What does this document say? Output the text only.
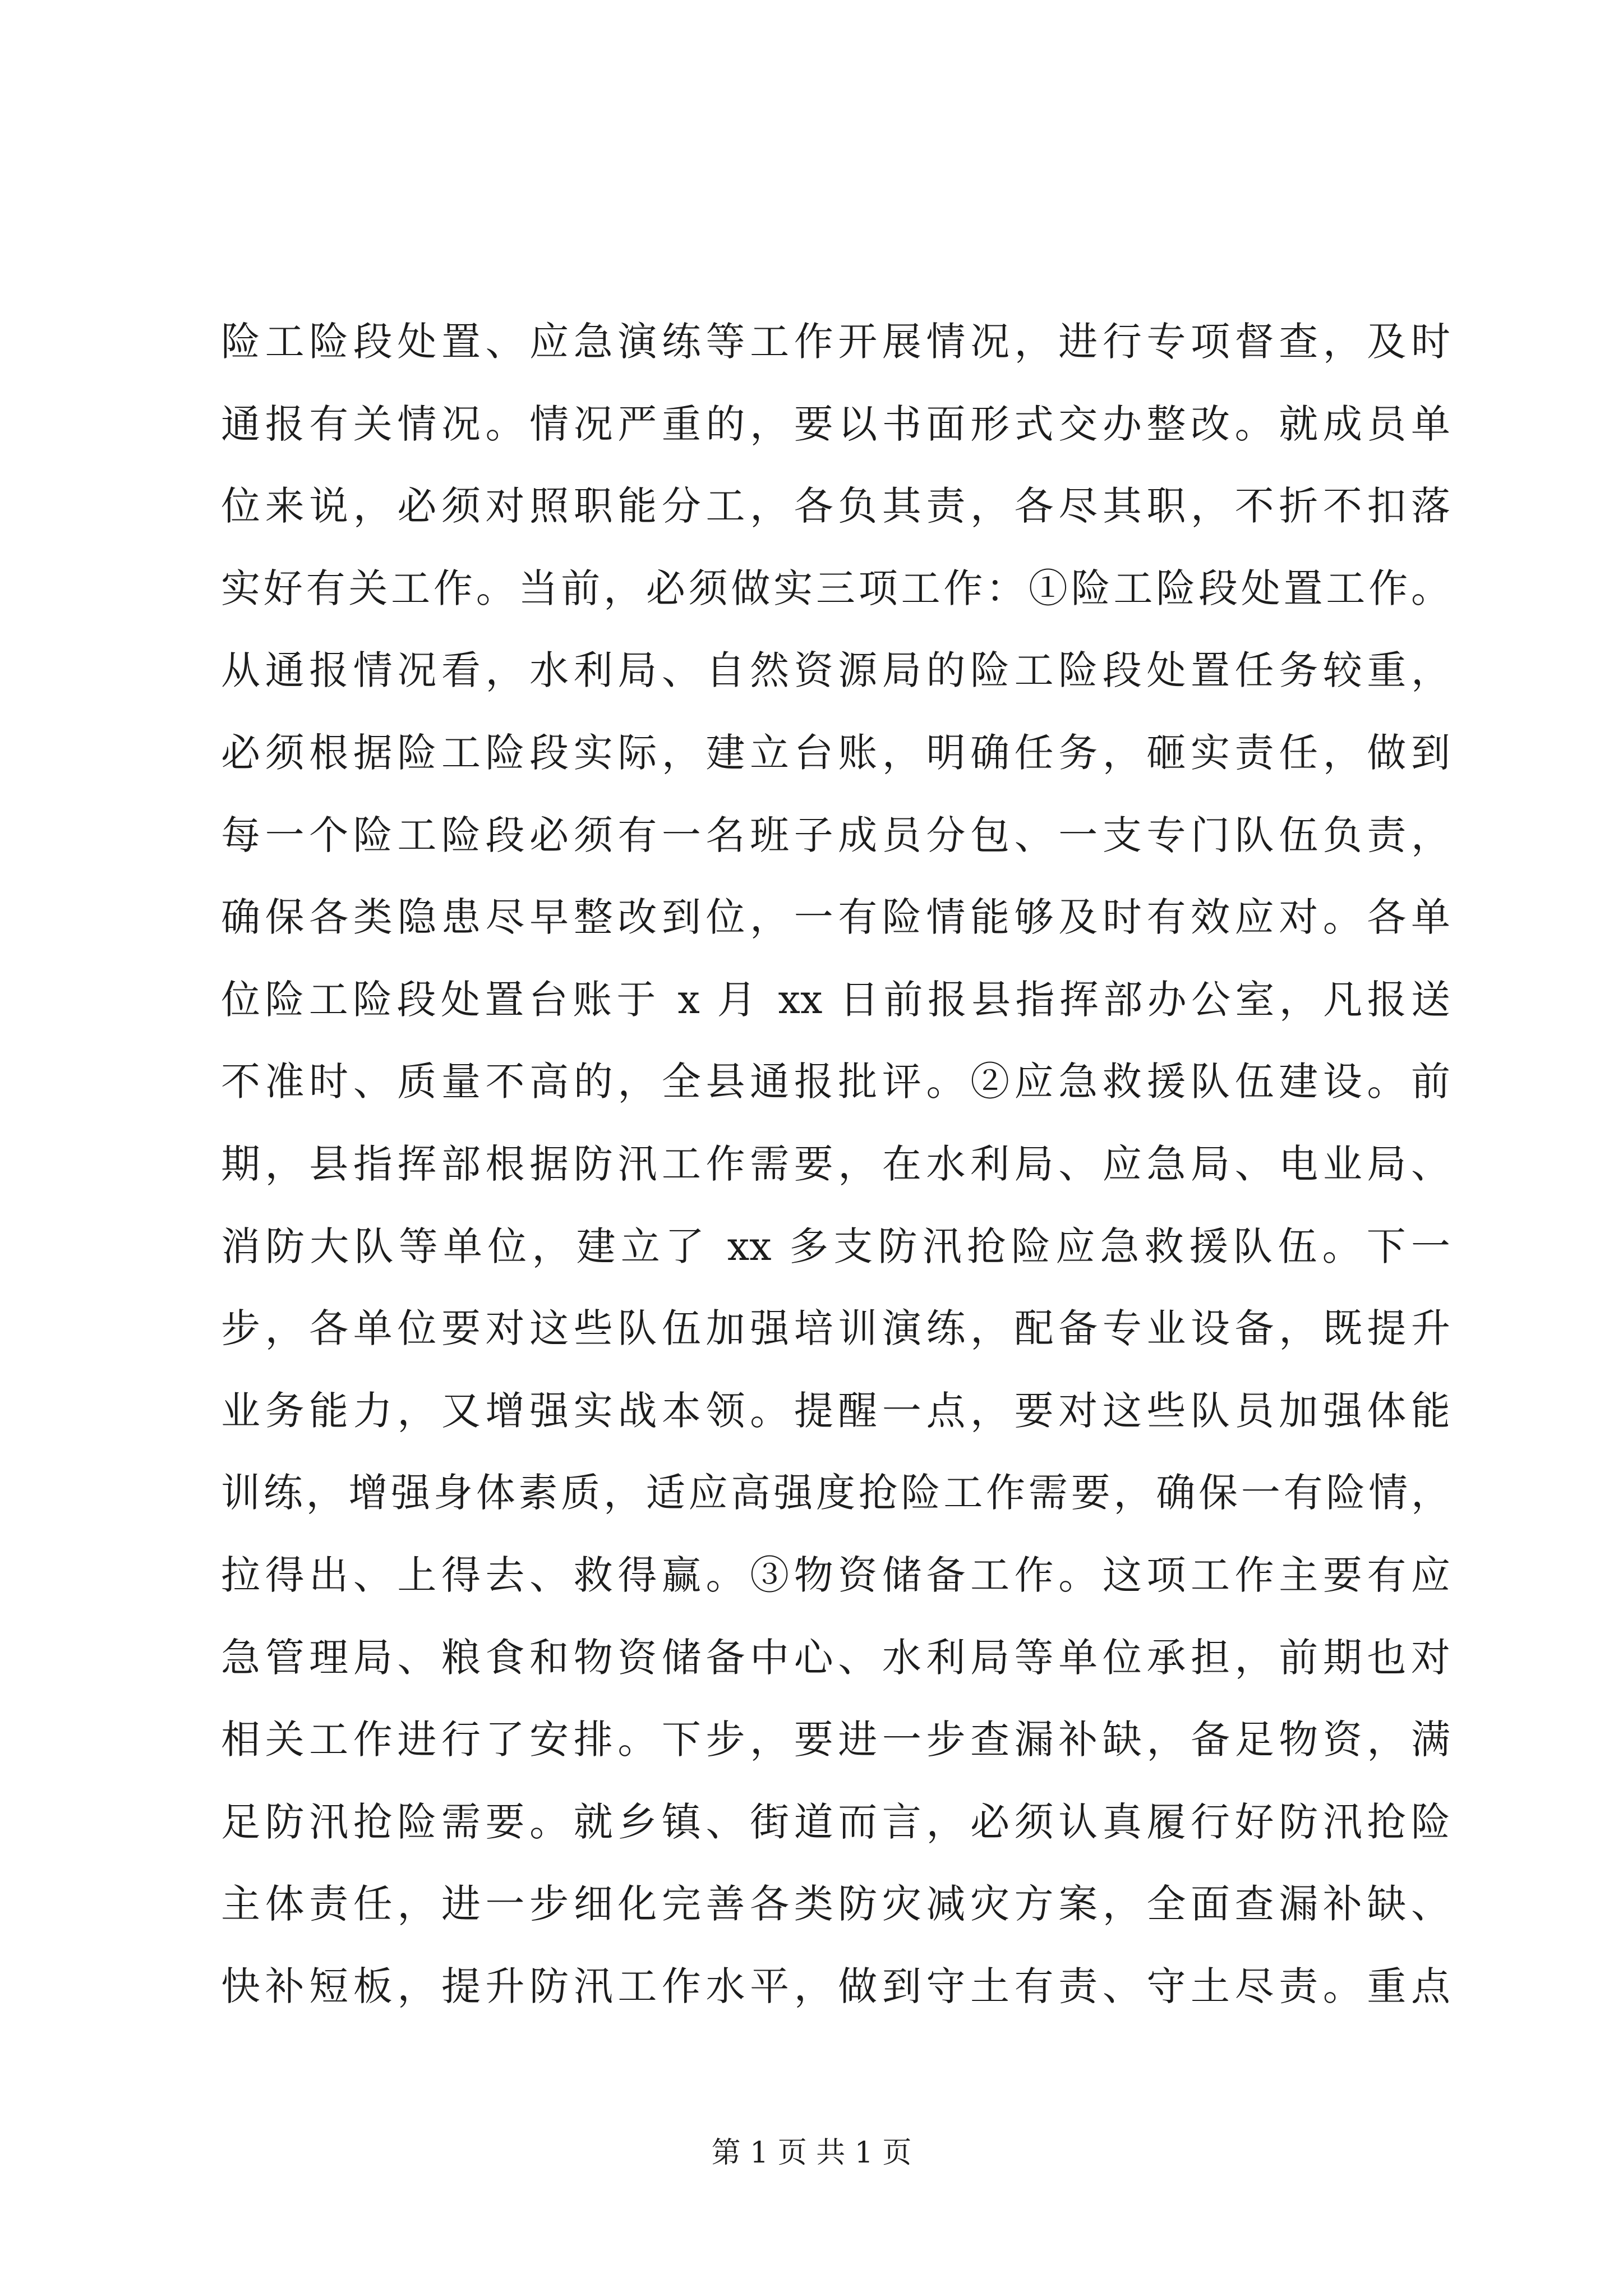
险工险段处置、应急演练等工作开展情况，进行专项督查，及时
通报有关情况。情况严重的，要以书面形式交办整改。就成员单
位来说，必须对照职能分工，各负其责，各尽其职，不折不扣落
实好有关工作。当前，必须做实三项工作：①险工险段处置工作。
从通报情况看，水利局、自然资源局的险工险段处置任务较重，
必须根据险工险段实际，建立台账，明确任务，砸实责任，做到
每一个险工险段必须有一名班子成员分包、一支专门队伍负责，
确保各类隐患尽早整改到位，一有险情能够及时有效应对。各单
位险工险段处置台账于 x 月 xx 日前报县指挥部办公室，凡报送
不准时、质量不高的，全县通报批评。②应急救援队伍建设。前
期，县指挥部根据防汛工作需要，在水利局、应急局、电业局、
消防大队等单位，建立了 xx 多支防汛抢险应急救援队伍。下一
步，各单位要对这些队伍加强培训演练，配备专业设备，既提升
业务能力，又增强实战本领。提醒一点，要对这些队员加强体能
训练，增强身体素质，适应高强度抢险工作需要，确保一有险情，
拉得出、上得去、救得赢。③物资储备工作。这项工作主要有应
急管理局、粮食和物资储备中心、水利局等单位承担，前期也对
相关工作进行了安排。下步，要进一步查漏补缺，备足物资，满
足防汛抢险需要。就乡镇、街道而言，必须认真履行好防汛抢险
主体责任，进一步细化完善各类防灾减灾方案，全面查漏补缺、
快补短板，提升防汛工作水平，做到守土有责、守土尽责。重点
第 1 页 共 1 页
